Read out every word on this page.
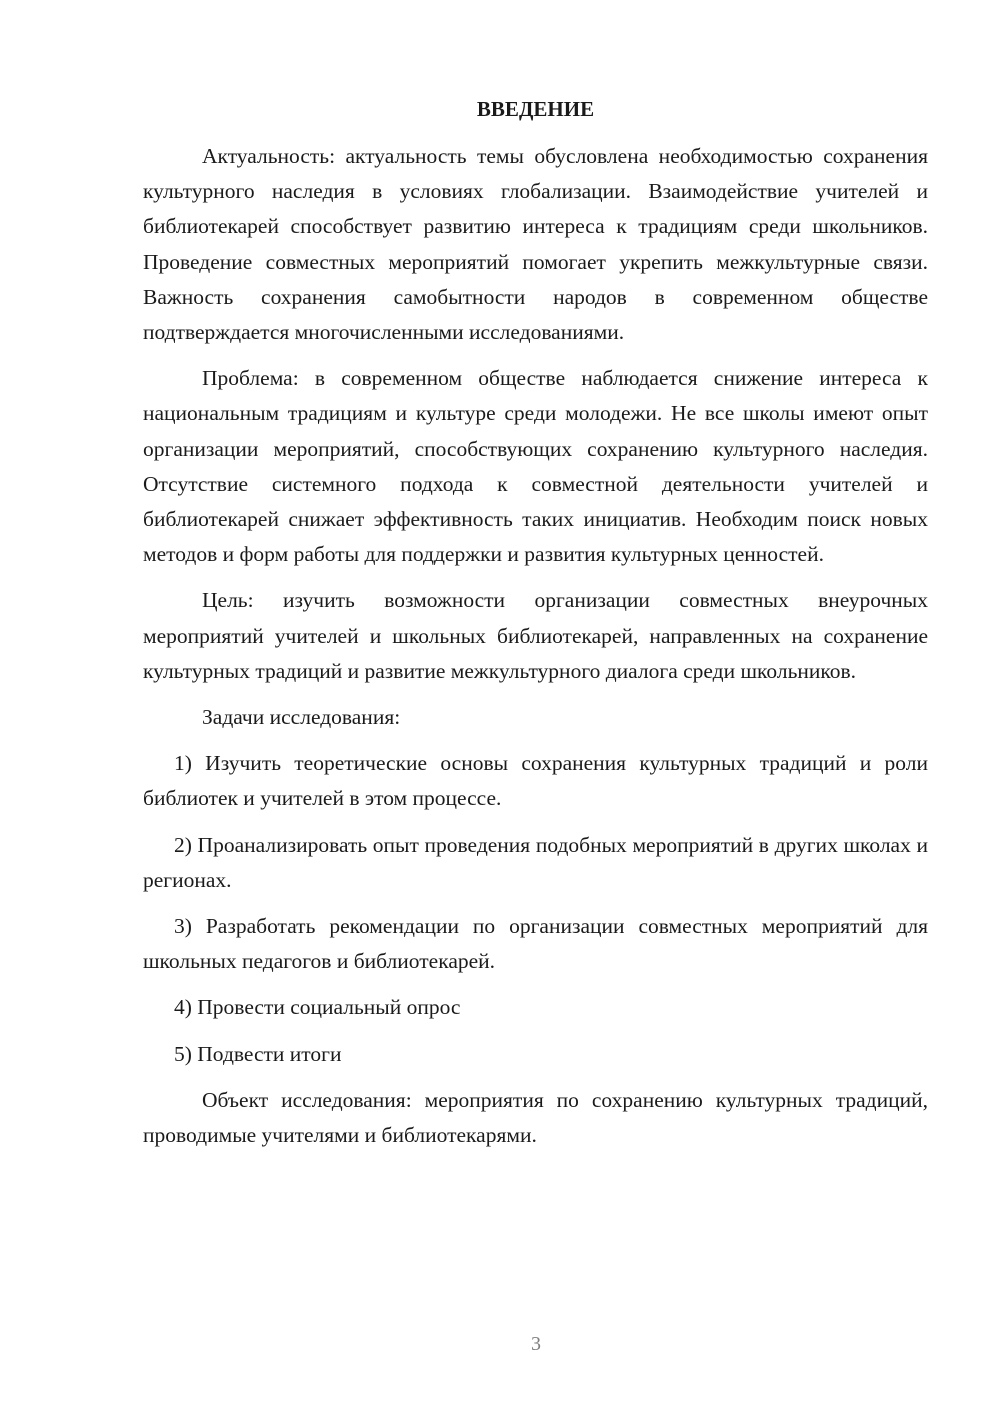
ВВЕДЕНИЕ

Актуальность: актуальность темы обусловлена необходимостью сохранения культурного наследия в условиях глобализации. Взаимодействие учителей и библиотекарей способствует развитию интереса к традициям среди школьников. Проведение совместных мероприятий помогает укрепить межкультурные связи. Важность сохранения самобытности народов в современном обществе подтверждается многочисленными исследованиями.

Проблема: в современном обществе наблюдается снижение интереса к национальным традициям и культуре среди молодежи. Не все школы имеют опыт организации мероприятий, способствующих сохранению культурного наследия. Отсутствие системного подхода к совместной деятельности учителей и библиотекарей снижает эффективность таких инициатив. Необходим поиск новых методов и форм работы для поддержки и развития культурных ценностей.

Цель: изучить возможности организации совместных внеурочных мероприятий учителей и школьных библиотекарей, направленных на сохранение культурных традиций и развитие межкультурного диалога среди школьников.

Задачи исследования:

1) Изучить теоретические основы сохранения культурных традиций и роли библиотек и учителей в этом процессе.

2) Проанализировать опыт проведения подобных мероприятий в других школах и регионах.

3) Разработать рекомендации по организации совместных мероприятий для школьных педагогов и библиотекарей.

4) Провести социальный опрос

5) Подвести итоги

Объект исследования: мероприятия по сохранению культурных традиций, проводимые учителями и библиотекарями.

3
